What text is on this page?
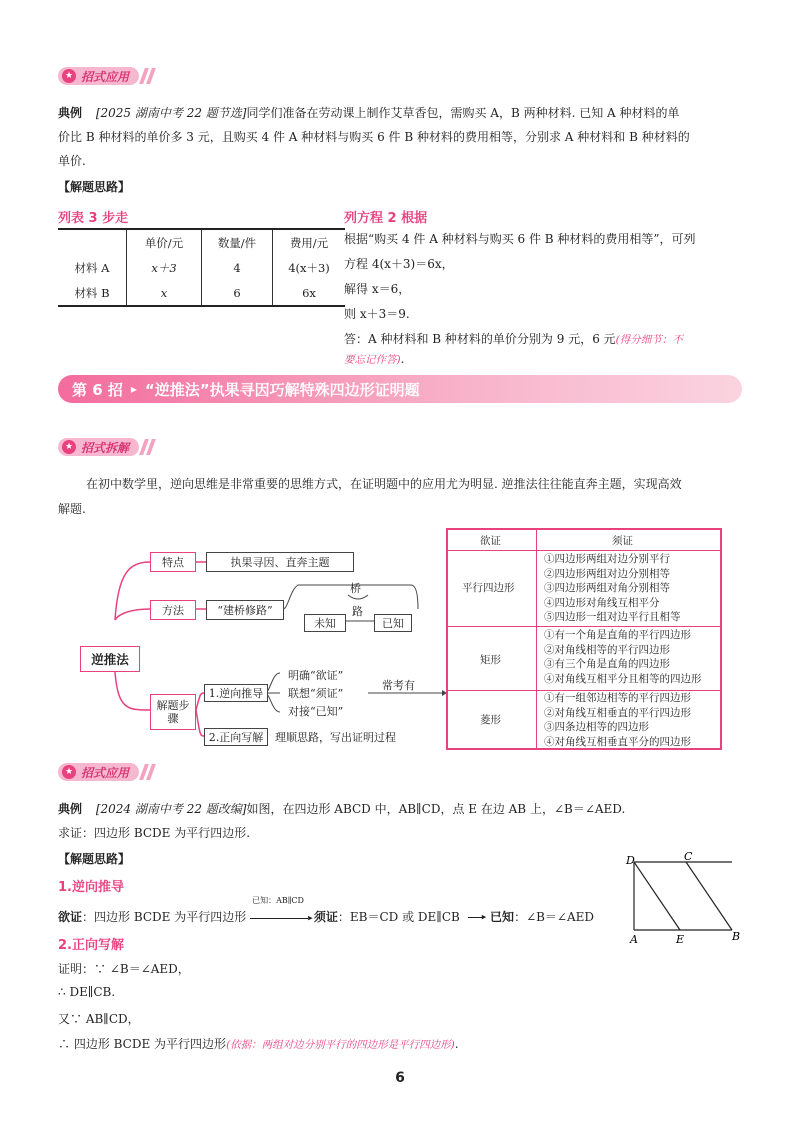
★ 招式应用
典例 [2025 湖南中考 22 题节选]同学们准备在劳动课上制作艾草香包，需购买 A，B 两种材料. 已知 A 种材料的单
价比 B 种材料的单价多 3 元，且购买 4 件 A 种材料与购买 6 件 B 种材料的费用相等，分别求 A 种材料和 B 种材料的
单价.
【解题思路】
列表 3 步走
	单价/元	数量/件	费用/元
材料 A	x＋3	4	4(x＋3)
材料 B	x	6	6x
列方程 2 根据
根据“购买 4 件 A 种材料与购买 6 件 B 种材料的费用相等”，可列
方程 4(x＋3)＝6x，
解得 x＝6，
则 x＋3＝9.
答：A 种材料和 B 种材料的单价分别为 9 元，6 元(得分细节：不
要忘记作答).
第 6 招 ▸ “逆推法”执果寻因巧解特殊四边形证明题
★ 招式拆解
在初中数学里，逆向思维是非常重要的思维方式，在证明题中的应用尤为明显. 逆推法往往能直奔主题，实现高效
解题.
逆推法
特点	执果寻因、直奔主题
方法	“建桥修路”
桥
路
未知	已知
解题步骤
1.逆向推导
明确“欲证”
联想“须证”
对接“已知”
常考有
2.正向写解	理顺思路，写出证明过程
欲证	须证
平行四边形
①四边形两组对边分别平行
②四边形两组对边分别相等
③四边形两组对角分别相等
④四边形对角线互相平分
⑤四边形一组对边平行且相等
矩形
①有一个角是直角的平行四边形
②对角线相等的平行四边形
③有三个角是直角的四边形
④对角线互相平分且相等的四边形
菱形
①有一组邻边相等的平行四边形
②对角线互相垂直的平行四边形
③四条边相等的四边形
④对角线互相垂直平分的四边形
★ 招式应用
典例 [2024 湖南中考 22 题改编]如图，在四边形 ABCD 中，AB∥CD，点 E 在边 AB 上，∠B＝∠AED.
求证：四边形 BCDE 为平行四边形.
【解题思路】
1.逆向推导
欲证：四边形 BCDE 为平行四边形
已知：AB∥CD
▸ 须证：EB＝CD 或 DE∥CB ▸ 已知：∠B＝∠AED
2.正向写解
证明：∵ ∠B＝∠AED，
∴ DE∥CB.
又∵ AB∥CD，
∴ 四边形 BCDE 为平行四边形(依据：两组对边分别平行的四边形是平行四边形).
D	C
A	E	B
6
